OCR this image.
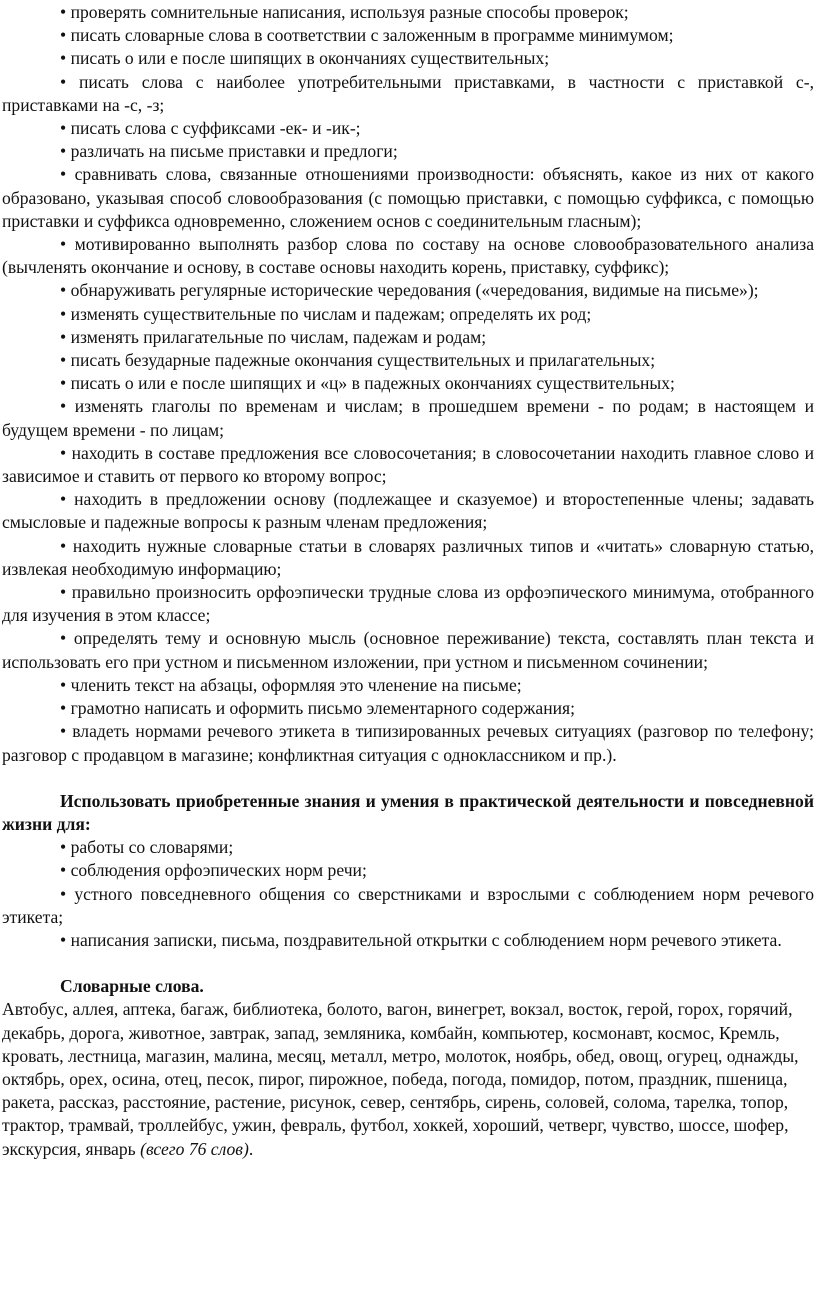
• проверять сомнительные написания, используя разные способы проверок;

• писать словарные слова в соответствии с заложенным в программе минимумом;

• писать о или е после шипящих в окончаниях существительных;

• писать слова с наиболее употребительными приставками, в частности с приставкой с-, приставками на -с, -з;

• писать слова с суффиксами -ек- и -ик-;

• различать на письме приставки и предлоги;

• сравнивать слова, связанные отношениями производности: объяснять, какое из них от какого образовано, указывая способ словообразования (с помощью приставки, с помощью суффикса, с помощью приставки и суффикса одновременно, сложением основ с соединительным гласным);

• мотивированно выполнять разбор слова по составу на основе словообразовательного анализа (вычленять окончание и основу, в составе основы находить корень, приставку, суффикс);

• обнаруживать регулярные исторические чередования («чередования, видимые на письме»);

• изменять существительные по числам и падежам; определять их род;

• изменять прилагательные по числам, падежам и родам;

• писать безударные падежные окончания существительных и прилагательных;

• писать о или е после шипящих и «ц» в падежных окончаниях существительных;

• изменять глаголы по временам и числам; в прошедшем времени - по родам; в настоящем и будущем времени - по лицам;

• находить в составе предложения все словосочетания; в словосочетании находить главное слово и зависимое и ставить от первого ко второму вопрос;

• находить в предложении основу (подлежащее и сказуемое) и второстепенные члены; задавать смысловые и падежные вопросы к разным членам предложения;

• находить нужные словарные статьи в словарях различных типов и «читать» словарную статью, извлекая необходимую информацию;

• правильно произносить орфоэпически трудные слова из орфоэпического минимума, отобранного для изучения в этом классе;

• определять тему и основную мысль (основное переживание) текста, составлять план текста и использовать его при устном и письменном изложении, при устном и письменном сочинении;

• членить текст на абзацы, оформляя это членение на письме;

• грамотно написать и оформить письмо элементарного содержания;

• владеть нормами речевого этикета в типизированных речевых ситуациях (разговор по телефону; разговор с продавцом в магазине; конфликтная ситуация с одноклассником и пр.).

Использовать приобретенные знания и умения в практической деятельности и повседневной жизни для:

• работы со словарями;

• соблюдения орфоэпических норм речи;

• устного повседневного общения со сверстниками и взрослыми с соблюдением норм речевого этикета;

• написания записки, письма, поздравительной открытки с соблюдением норм речевого этикета.

Словарные слова.

Автобус, аллея, аптека, багаж, библиотека, болото, вагон, винегрет, вокзал, восток, герой, горох, горячий, декабрь, дорога, животное, завтрак, запад, земляника, комбайн, компьютер, космонавт, космос, Кремль, кровать, лестница, магазин, малина, месяц, металл, метро, молоток, ноябрь, обед, овощ, огурец, однажды, октябрь, орех, осина, отец, песок, пирог, пирожное, победа, погода, помидор, потом, праздник, пшеница, ракета, рассказ, расстояние, растение, рисунок, север, сентябрь, сирень, соловей, солома, тарелка, топор, трактор, трамвай, троллейбус, ужин, февраль, футбол, хоккей, хороший, четверг, чувство, шоссе, шофер, экскурсия, январь (всего 76 слов).
